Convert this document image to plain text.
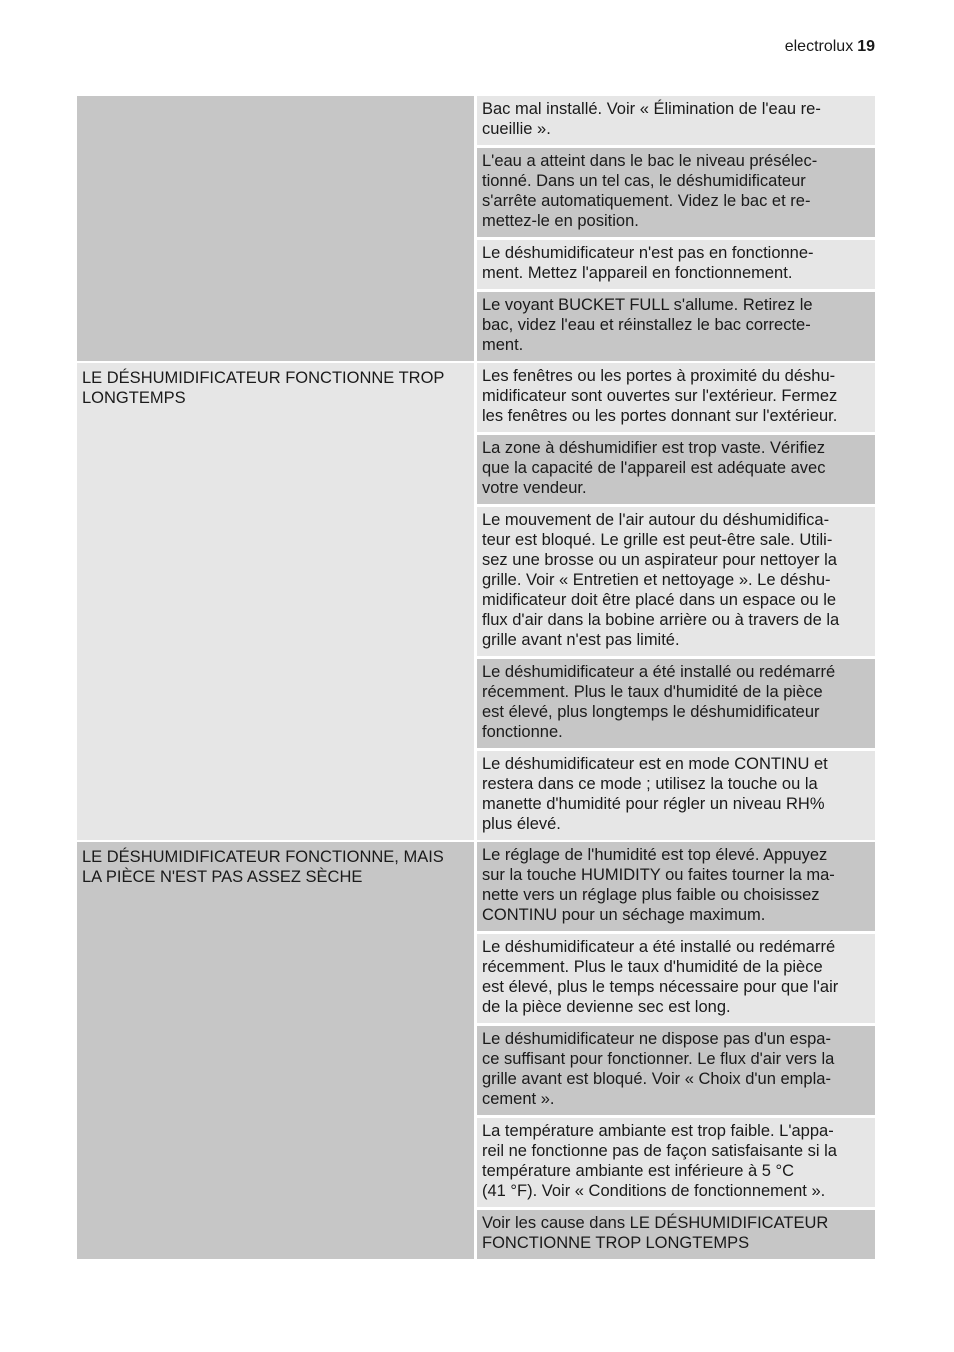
electrolux 19
Bac mal installé. Voir « Élimination de l'eau re-
cueillie ».
L'eau a atteint dans le bac le niveau présélec-
tionné. Dans un tel cas, le déshumidificateur
s'arrête automatiquement. Videz le bac et re-
mettez-le en position.
Le déshumidificateur n'est pas en fonctionne-
ment. Mettez l'appareil en fonctionnement.
Le voyant BUCKET FULL s'allume. Retirez le
bac, videz l'eau et réinstallez le bac correcte-
ment.
LE DÉSHUMIDIFICATEUR FONCTIONNE TROP LONGTEMPS
Les fenêtres ou les portes à proximité du déshu-
midificateur sont ouvertes sur l'extérieur. Fermez
les fenêtres ou les portes donnant sur l'extérieur.
La zone à déshumidifier est trop vaste. Vérifiez
que la capacité de l'appareil est adéquate avec
votre vendeur.
Le mouvement de l'air autour du déshumidifica-
teur est bloqué. Le grille est peut-être sale. Utili-
sez une brosse ou un aspirateur pour nettoyer la
grille. Voir « Entretien et nettoyage ». Le déshu-
midificateur doit être placé dans un espace ou le
flux d'air dans la bobine arrière ou à travers de la
grille avant n'est pas limité.
Le déshumidificateur a été installé ou redémarré
récemment. Plus le taux d'humidité de la pièce
est élevé, plus longtemps le déshumidificateur
fonctionne.
Le déshumidificateur est en mode CONTINU et
restera dans ce mode ; utilisez la touche ou la
manette d'humidité pour régler un niveau RH%
plus élevé.
LE DÉSHUMIDIFICATEUR FONCTIONNE, MAIS LA PIÈCE N'EST PAS ASSEZ SÈCHE
Le réglage de l'humidité est top élevé. Appuyez
sur la touche HUMIDITY ou faites tourner la ma-
nette vers un réglage plus faible ou choisissez
CONTINU pour un séchage maximum.
Le déshumidificateur a été installé ou redémarré
récemment. Plus le taux d'humidité de la pièce
est élevé, plus le temps nécessaire pour que l'air
de la pièce devienne sec est long.
Le déshumidificateur ne dispose pas d'un espa-
ce suffisant pour fonctionner. Le flux d'air vers la
grille avant est bloqué. Voir « Choix d'un empla-
cement ».
La température ambiante est trop faible. L'appa-
reil ne fonctionne pas de façon satisfaisante si la
température ambiante est inférieure à 5 °C
(41 °F). Voir « Conditions de fonctionnement ».
Voir les cause dans LE DÉSHUMIDIFICATEUR
FONCTIONNE TROP LONGTEMPS
